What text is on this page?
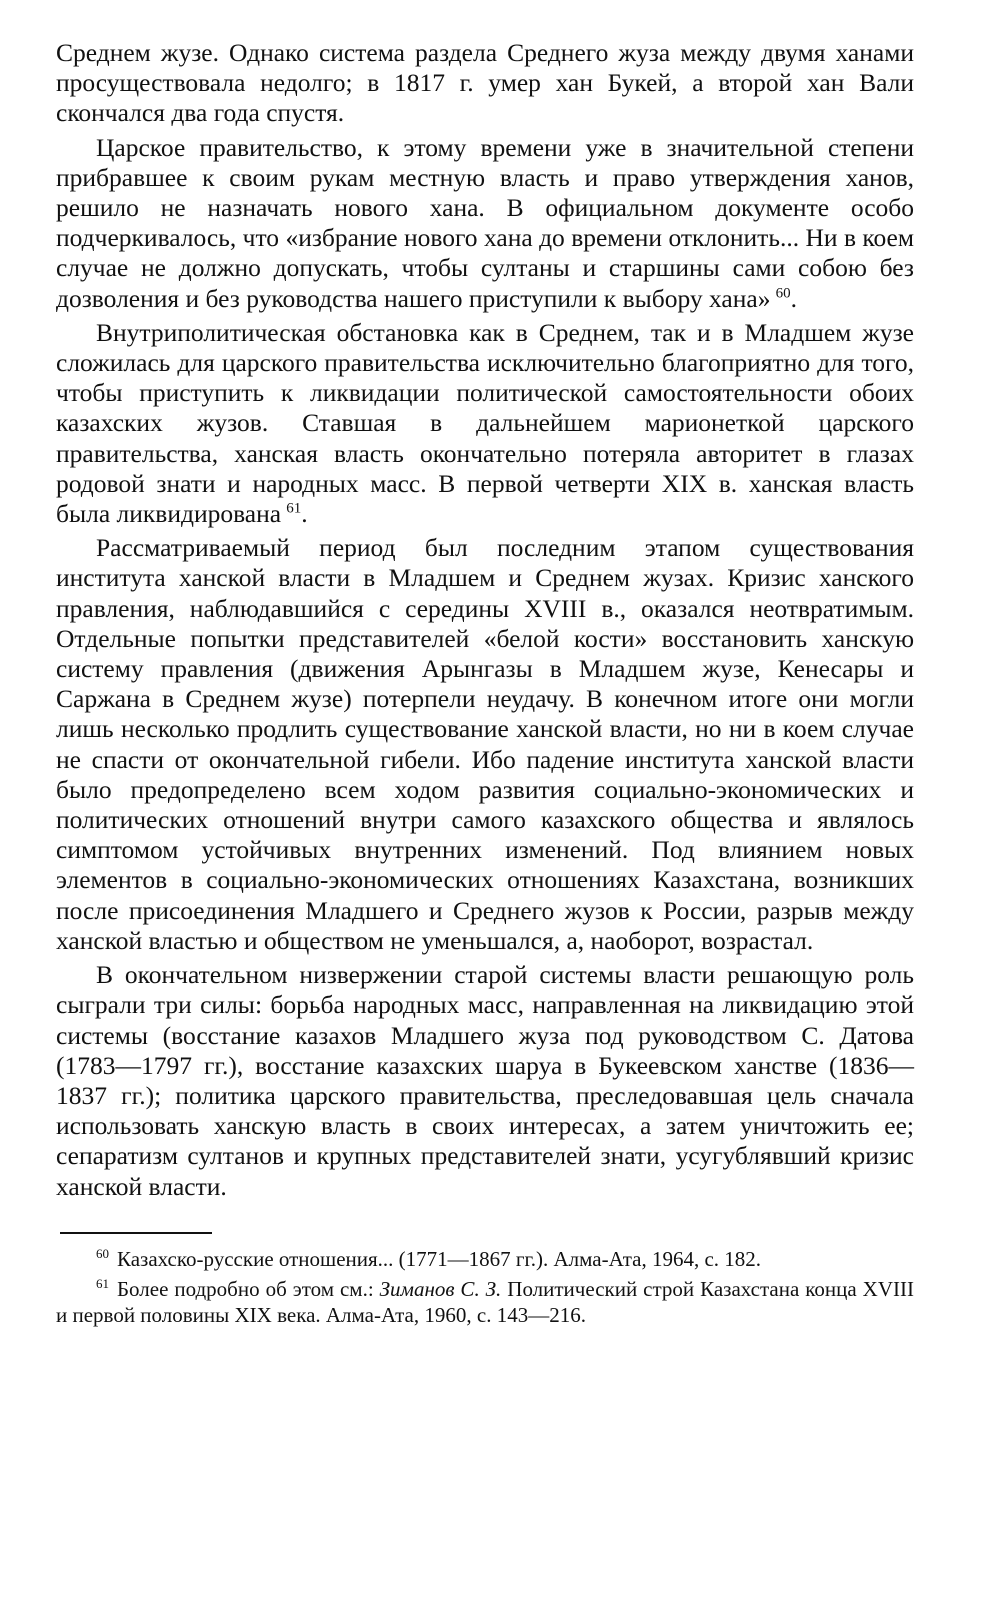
Среднем жузе. Однако система раздела Среднего жуза между двумя ханами просуществовала недолго; в 1817 г. умер хан Букей, а второй хан Вали скончался два года спустя.

Царское правительство, к этому времени уже в значительной степени прибравшее к своим рукам местную власть и право утверждения ханов, решило не назначать нового хана. В официальном документе особо подчеркивалось, что «избрание нового хана до времени отклонить... Ни в коем случае не должно допускать, чтобы султаны и старшины сами собою без дозволения и без руководства нашего приступили к выбору хана»  $^{60}$.

Внутриполитическая обстановка как в Среднем, так и в Младшем жузе сложилась для царского правительства исключительно благоприятно для того, чтобы приступить к ликвидации политической самостоятельности обоих казахских жузов. Ставшая в дальнейшем марионеткой царского правительства, ханская власть окончательно потеряла авторитет в глазах родовой знати и народных масс. В первой четверти XIX в. ханская власть была ликвидирована  $^{61}$.

Рассматриваемый период был последним этапом существования института ханской власти в Младшем и Среднем жузах. Кризис ханского правления, наблюдавшийся с середины XVIII в., оказался неотвратимым. Отдельные попытки представителей «белой кости» восстановить ханскую систему правления (движения Арынгазы в Младшем жузе, Кенесары и Саржана в Среднем жузе) потерпели неудачу. В конечном итоге они могли лишь несколько продлить существование ханской власти, но ни в коем случае не спасти от окончательной гибели. Ибо падение института ханской власти было предопределено всем ходом развития социально-экономических и политических отношений внутри самого казахского общества и являлось симптомом устойчивых внутренних изменений. Под влиянием новых элементов в социально-экономических отношениях Казахстана, возникших после присоединения Младшего и Среднего жузов к России, разрыв между ханской властью и обществом не уменьшался, а, наоборот, возрастал.

В окончательном низвержении старой системы власти решающую роль сыграли три силы: борьба народных масс, направленная на ликвидацию этой системы (восстание казахов Младшего жуза под руководством С. Датова (1783—1797 гг.), восстание казахских шаруа в Букеевском ханстве (1836—1837 гг.); политика царского правительства, преследовавшая цель сначала использовать ханскую власть в своих интересах, а затем уничтожить ее; сепаратизм султанов и крупных представителей знати, усугублявший кризис ханской власти.

$^{60}$ Казахско-русские отношения... (1771—1867 гг.). Алма-Ата, 1964, с. 182.

$^{61}$ Более подробно об этом см.: Зиманов С. З. Политический строй Казахстана конца XVIII и первой половины XIX века. Алма-Ата, 1960, с. 143—216.
